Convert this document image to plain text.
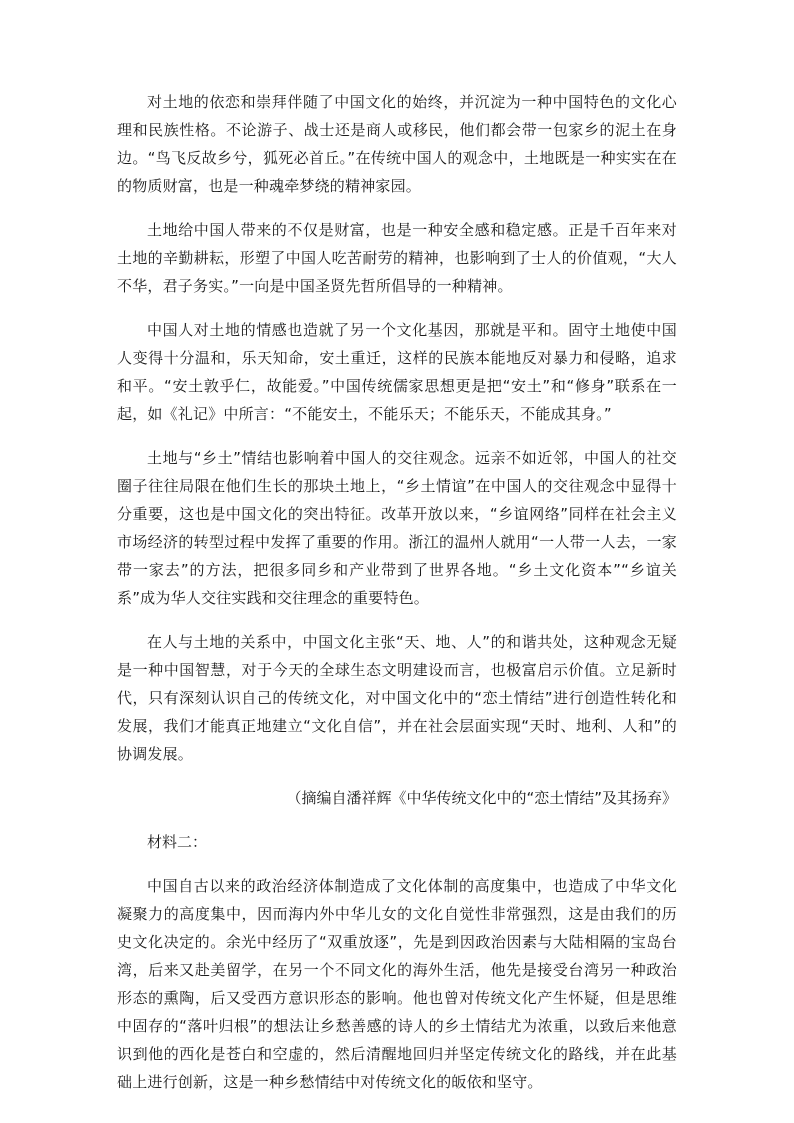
对土地的依恋和崇拜伴随了中国文化的始终，并沉淀为一种中国特色的文化心理和民族性格。不论游子、战士还是商人或移民，他们都会带一包家乡的泥土在身边。“鸟飞反故乡兮，狐死必首丘。”在传统中国人的观念中，土地既是一种实实在在的物质财富，也是一种魂牵梦绕的精神家园。

土地给中国人带来的不仅是财富，也是一种安全感和稳定感。正是千百年来对土地的辛勤耕耘，形塑了中国人吃苦耐劳的精神，也影响到了士人的价值观，“大人不华，君子务实。”一向是中国圣贤先哲所倡导的一种精神。

中国人对土地的情感也造就了另一个文化基因，那就是平和。固守土地使中国人变得十分温和，乐天知命，安土重迁，这样的民族本能地反对暴力和侵略，追求和平。“安土敦乎仁，故能爱。”中国传统儒家思想更是把“安土”和“修身”联系在一起，如《礼记》中所言：“不能安土，不能乐天；不能乐天，不能成其身。”

土地与“乡土”情结也影响着中国人的交往观念。远亲不如近邻，中国人的社交圈子往往局限在他们生长的那块土地上，“乡土情谊”在中国人的交往观念中显得十分重要，这也是中国文化的突出特征。改革开放以来，“乡谊网络”同样在社会主义市场经济的转型过程中发挥了重要的作用。浙江的温州人就用“一人带一人去，一家带一家去”的方法，把很多同乡和产业带到了世界各地。“乡土文化资本”“乡谊关系”成为华人交往实践和交往理念的重要特色。

在人与土地的关系中，中国文化主张“天、地、人”的和谐共处，这种观念无疑是一种中国智慧，对于今天的全球生态文明建设而言，也极富启示价值。立足新时代，只有深刻认识自己的传统文化，对中国文化中的“恋土情结”进行创造性转化和发展，我们才能真正地建立“文化自信”，并在社会层面实现“天时、地利、人和”的协调发展。

（摘编自潘祥辉《中华传统文化中的“恋土情结”及其扬弃》

材料二：

中国自古以来的政治经济体制造成了文化体制的高度集中，也造成了中华文化凝聚力的高度集中，因而海内外中华儿女的文化自觉性非常强烈，这是由我们的历史文化决定的。余光中经历了“双重放逐”，先是到因政治因素与大陆相隔的宝岛台湾，后来又赴美留学，在另一个不同文化的海外生活，他先是接受台湾另一种政治形态的熏陶，后又受西方意识形态的影响。他也曾对传统文化产生怀疑，但是思维中固存的“落叶归根”的想法让乡愁善感的诗人的乡土情结尤为浓重，以致后来他意识到他的西化是苍白和空虚的，然后清醒地回归并坚定传统文化的路线，并在此基础上进行创新，这是一种乡愁情结中对传统文化的皈依和坚守。
